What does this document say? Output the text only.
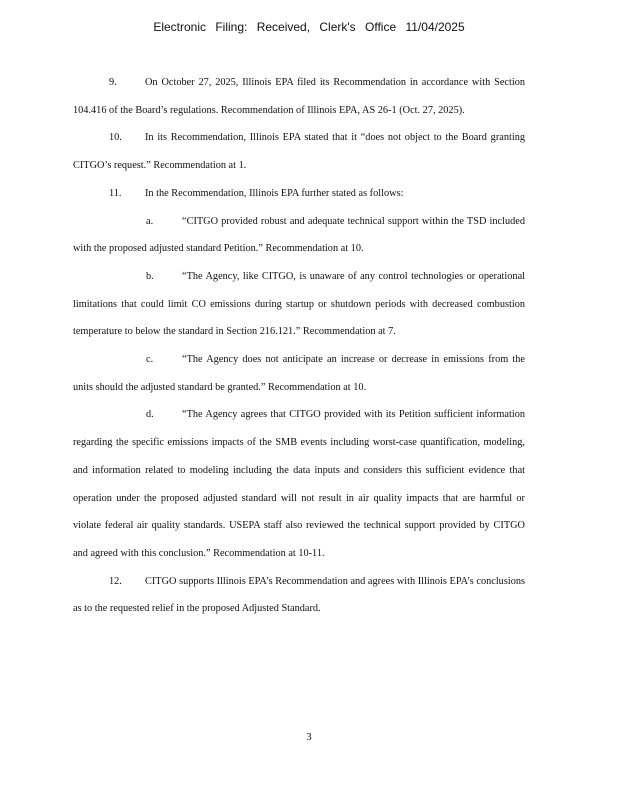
Electronic Filing: Received, Clerk's Office 11/04/2025

9.	On October 27, 2025, Illinois EPA filed its Recommendation in accordance with Section 104.416 of the Board’s regulations. Recommendation of Illinois EPA, AS 26-1 (Oct. 27, 2025).

10. In its Recommendation, Illinois EPA stated that it “does not object to the Board granting CITGO’s request.” Recommendation at 1.

11. In the Recommendation, Illinois EPA further stated as follows:

a.	“CITGO provided robust and adequate technical support within the TSD included with the proposed adjusted standard Petition.” Recommendation at 10.

b.	“The Agency, like CITGO, is unaware of any control technologies or operational limitations that could limit CO emissions during startup or shutdown periods with decreased combustion temperature to below the standard in Section 216.121.” Recommendation at 7.

c.	“The Agency does not anticipate an increase or decrease in emissions from the units should the adjusted standard be granted.” Recommendation at 10.

d.	“The Agency agrees that CITGO provided with its Petition sufficient information regarding the specific emissions impacts of the SMB events including worst-case quantification, modeling, and information related to modeling including the data inputs and considers this sufficient evidence that operation under the proposed adjusted standard will not result in air quality impacts that are harmful or violate federal air quality standards. USEPA staff also reviewed the technical support provided by CITGO and agreed with this conclusion.” Recommendation at 10-11.

12. CITGO supports Illinois EPA’s Recommendation and agrees with Illinois EPA’s conclusions as to the requested relief in the proposed Adjusted Standard.

3
